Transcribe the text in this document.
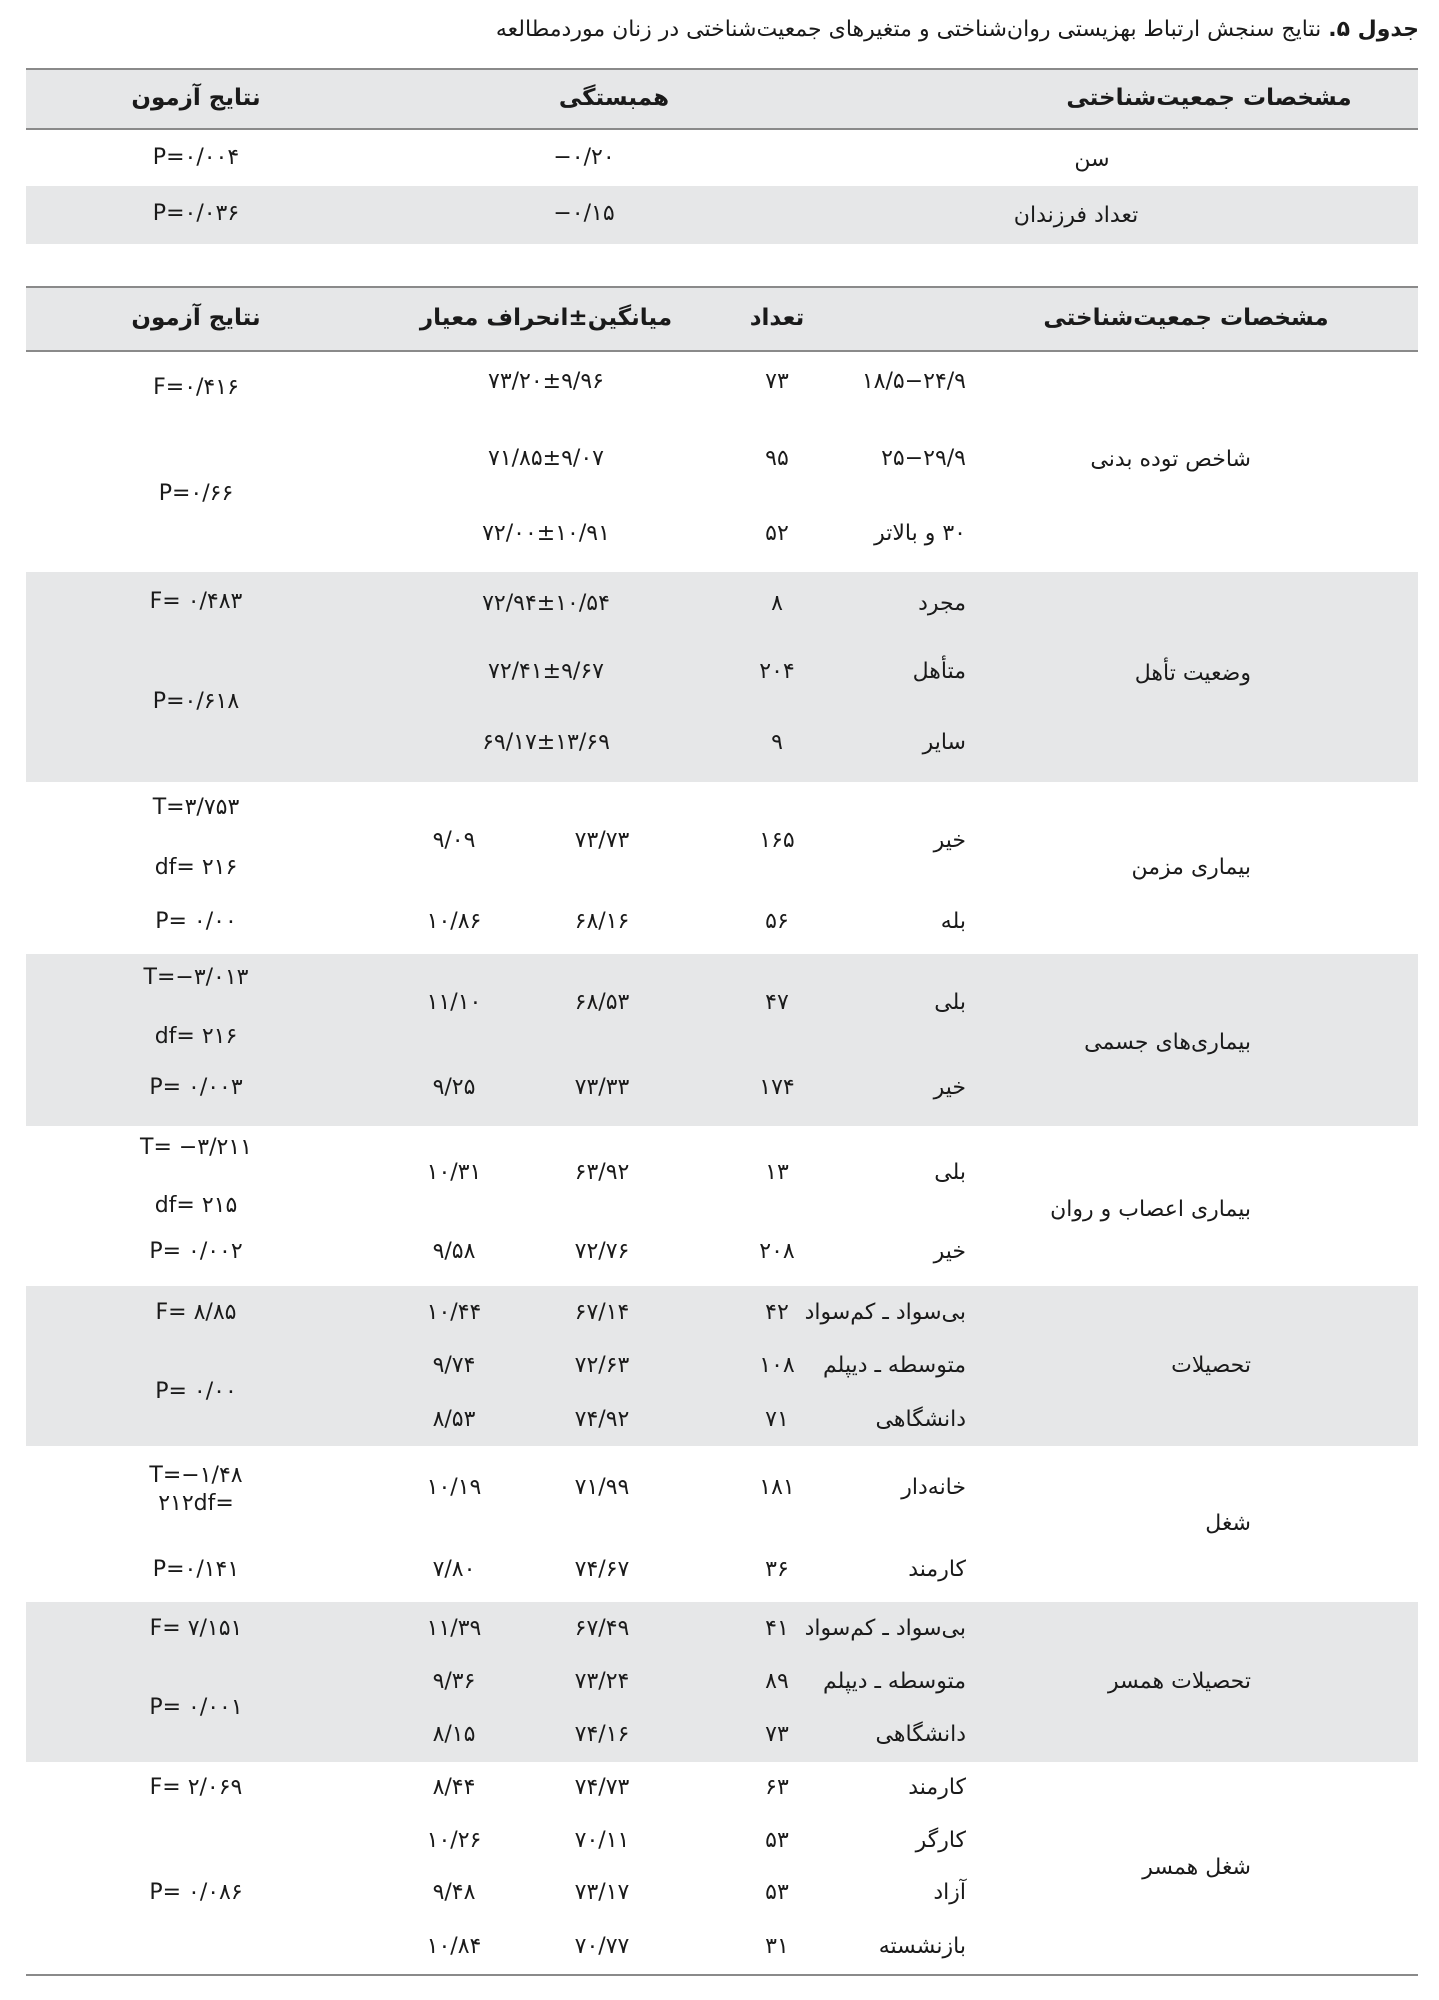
جدول ۵. نتایج سنجش ارتباط بهزیستی روان‌شناختی و متغیرهای جمعیت‌شناختی در زنان موردمطالعه
مشخصات جمعیت‌شناختی
همبستگی
نتایج آزمون
سن
−۰/۲۰
P=۰/۰۰۴
تعداد فرزندان
−۰/۱۵
P=۰/۰۳۶
مشخصات جمعیت‌شناختی
تعداد
میانگین±انحراف معیار
نتایج آزمون
شاخص توده بدنی
۱۸/۵−۲۴/۹
۷۳
۷۳/۲۰±۹/۹۶
۲۵−۲۹/۹
۹۵
۷۱/۸۵±۹/۰۷
۳۰ و بالاتر
۵۲
۷۲/۰۰±۱۰/۹۱
F=۰/۴۱۶
P=۰/۶۶
وضعیت تأهل
مجرد
۸
۷۲/۹۴±۱۰/۵۴
متأهل
۲۰۴
۷۲/۴۱±۹/۶۷
سایر
۹
۶۹/۱۷±۱۳/۶۹
F= ۰/۴۸۳
P=۰/۶۱۸
بیماری مزمن
خیر
۱۶۵
۷۳/۷۳
۹/۰۹
بله
۵۶
۶۸/۱۶
۱۰/۸۶
T=۳/۷۵۳
df= ۲۱۶
P= ۰/۰۰
بیماری‌های جسمی
بلی
۴۷
۶۸/۵۳
۱۱/۱۰
خیر
۱۷۴
۷۳/۳۳
۹/۲۵
T=−۳/۰۱۳
df= ۲۱۶
P= ۰/۰۰۳
بیماری اعصاب و روان
بلی
۱۳
۶۳/۹۲
۱۰/۳۱
خیر
۲۰۸
۷۲/۷۶
۹/۵۸
T= −۳/۲۱۱
df= ۲۱۵
P= ۰/۰۰۲
تحصیلات
بی‌سواد ـ کم‌سواد
۴۲
۶۷/۱۴
۱۰/۴۴
متوسطه ـ دیپلم
۱۰۸
۷۲/۶۳
۹/۷۴
دانشگاهی
۷۱
۷۴/۹۲
۸/۵۳
F= ۸/۸۵
P= ۰/۰۰
شغل
خانه‌دار
۱۸۱
۷۱/۹۹
۱۰/۱۹
کارمند
۳۶
۷۴/۶۷
۷/۸۰
T=−۱/۴۸
۲۱۲df=
P=۰/۱۴۱
تحصیلات همسر
بی‌سواد ـ کم‌سواد
۴۱
۶۷/۴۹
۱۱/۳۹
متوسطه ـ دیپلم
۸۹
۷۳/۲۴
۹/۳۶
دانشگاهی
۷۳
۷۴/۱۶
۸/۱۵
F= ۷/۱۵۱
P= ۰/۰۰۱
شغل همسر
کارمند
۶۳
۷۴/۷۳
۸/۴۴
کارگر
۵۳
۷۰/۱۱
۱۰/۲۶
آزاد
۵۳
۷۳/۱۷
۹/۴۸
بازنشسته
۳۱
۷۰/۷۷
۱۰/۸۴
F= ۲/۰۶۹
P= ۰/۰۸۶
